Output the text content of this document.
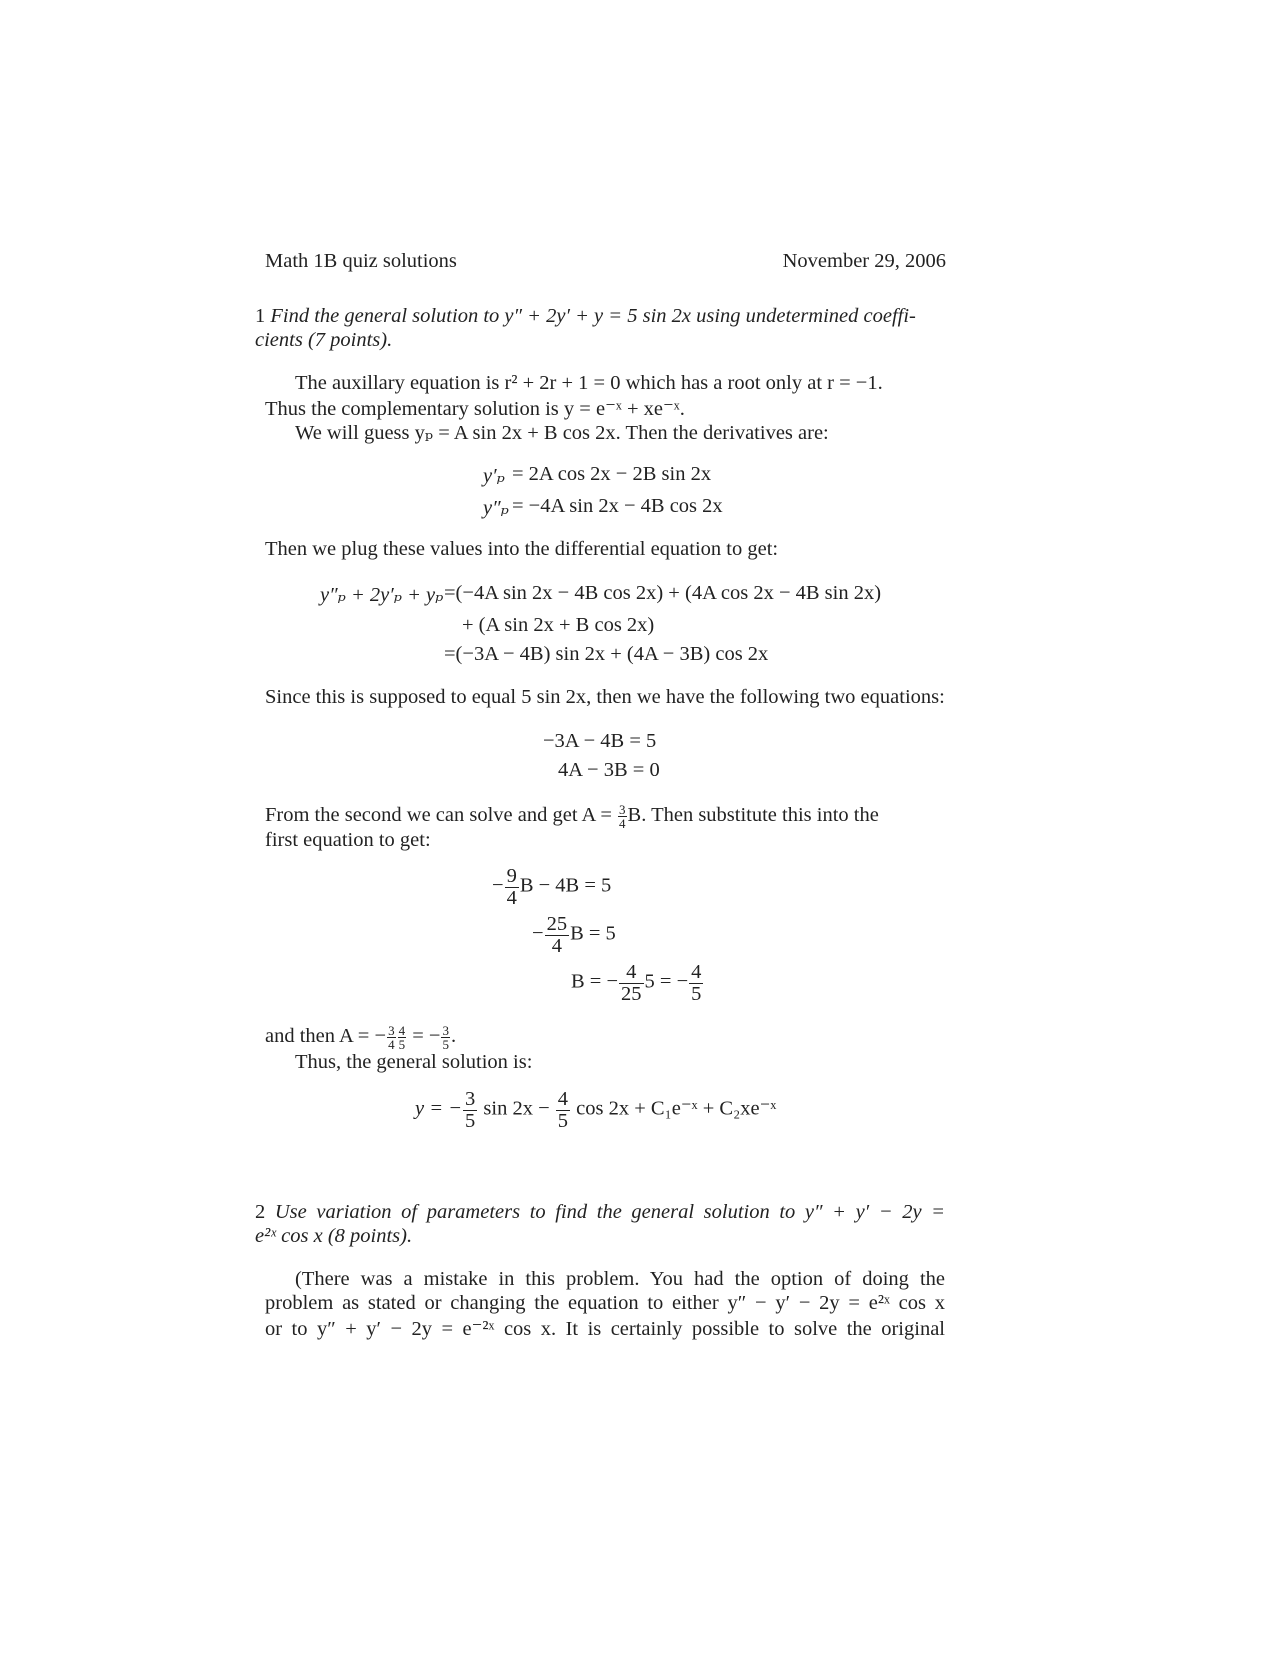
Math 1B quiz solutions	November 29, 2006
1 Find the general solution to y″ + 2y′ + y = 5 sin 2x using undetermined coeffi-
cients (7 points).
The auxillary equation is r² + 2r + 1 = 0 which has a root only at r = −1.
Thus the complementary solution is y = e⁻ˣ + xe⁻ˣ.
We will guess yₚ = A sin 2x + B cos 2x. Then the derivatives are:
y′ₚ = 2A cos 2x − 2B sin 2x
y″ₚ = −4A sin 2x − 4B cos 2x
Then we plug these values into the differential equation to get:
y″ₚ + 2y′ₚ + yₚ =(−4A sin 2x − 4B cos 2x) + (4A cos 2x − 4B sin 2x)
+ (A sin 2x + B cos 2x)
=(−3A − 4B) sin 2x + (4A − 3B) cos 2x
Since this is supposed to equal 5 sin 2x, then we have the following two equations:
−3A − 4B = 5
4A − 3B = 0
From the second we can solve and get $A = \frac{3}{4} B$. Then substitute this into the
first equation to get:
− $\frac{9}{4}$ B − 4B = 5
− $\frac{25}{4}$ B = 5
B = − $\frac{4}{25} 5$ = − $\frac{4}{5}$
and then A = − $\frac{3}{4} \frac{4}{5}$ = − $\frac{3}{5}$ .
Thus, the general solution is:
y = − $\frac{3}{5}$ $\sin 2x - \frac{4}{5}$ cos 2x + C₁e⁻ˣ + C₂xe⁻ˣ
2 Use variation of parameters to find the general solution to y″ + y′ − 2y =
e²ˣ cos x (8 points).
(There was a mistake in this problem. You had the option of doing the
problem as stated or changing the equation to either y″ − y′ − 2y = e²ˣ cos x
or to y″ + y′ − 2y = e⁻²ˣ cos x. It is certainly possible to solve the original
